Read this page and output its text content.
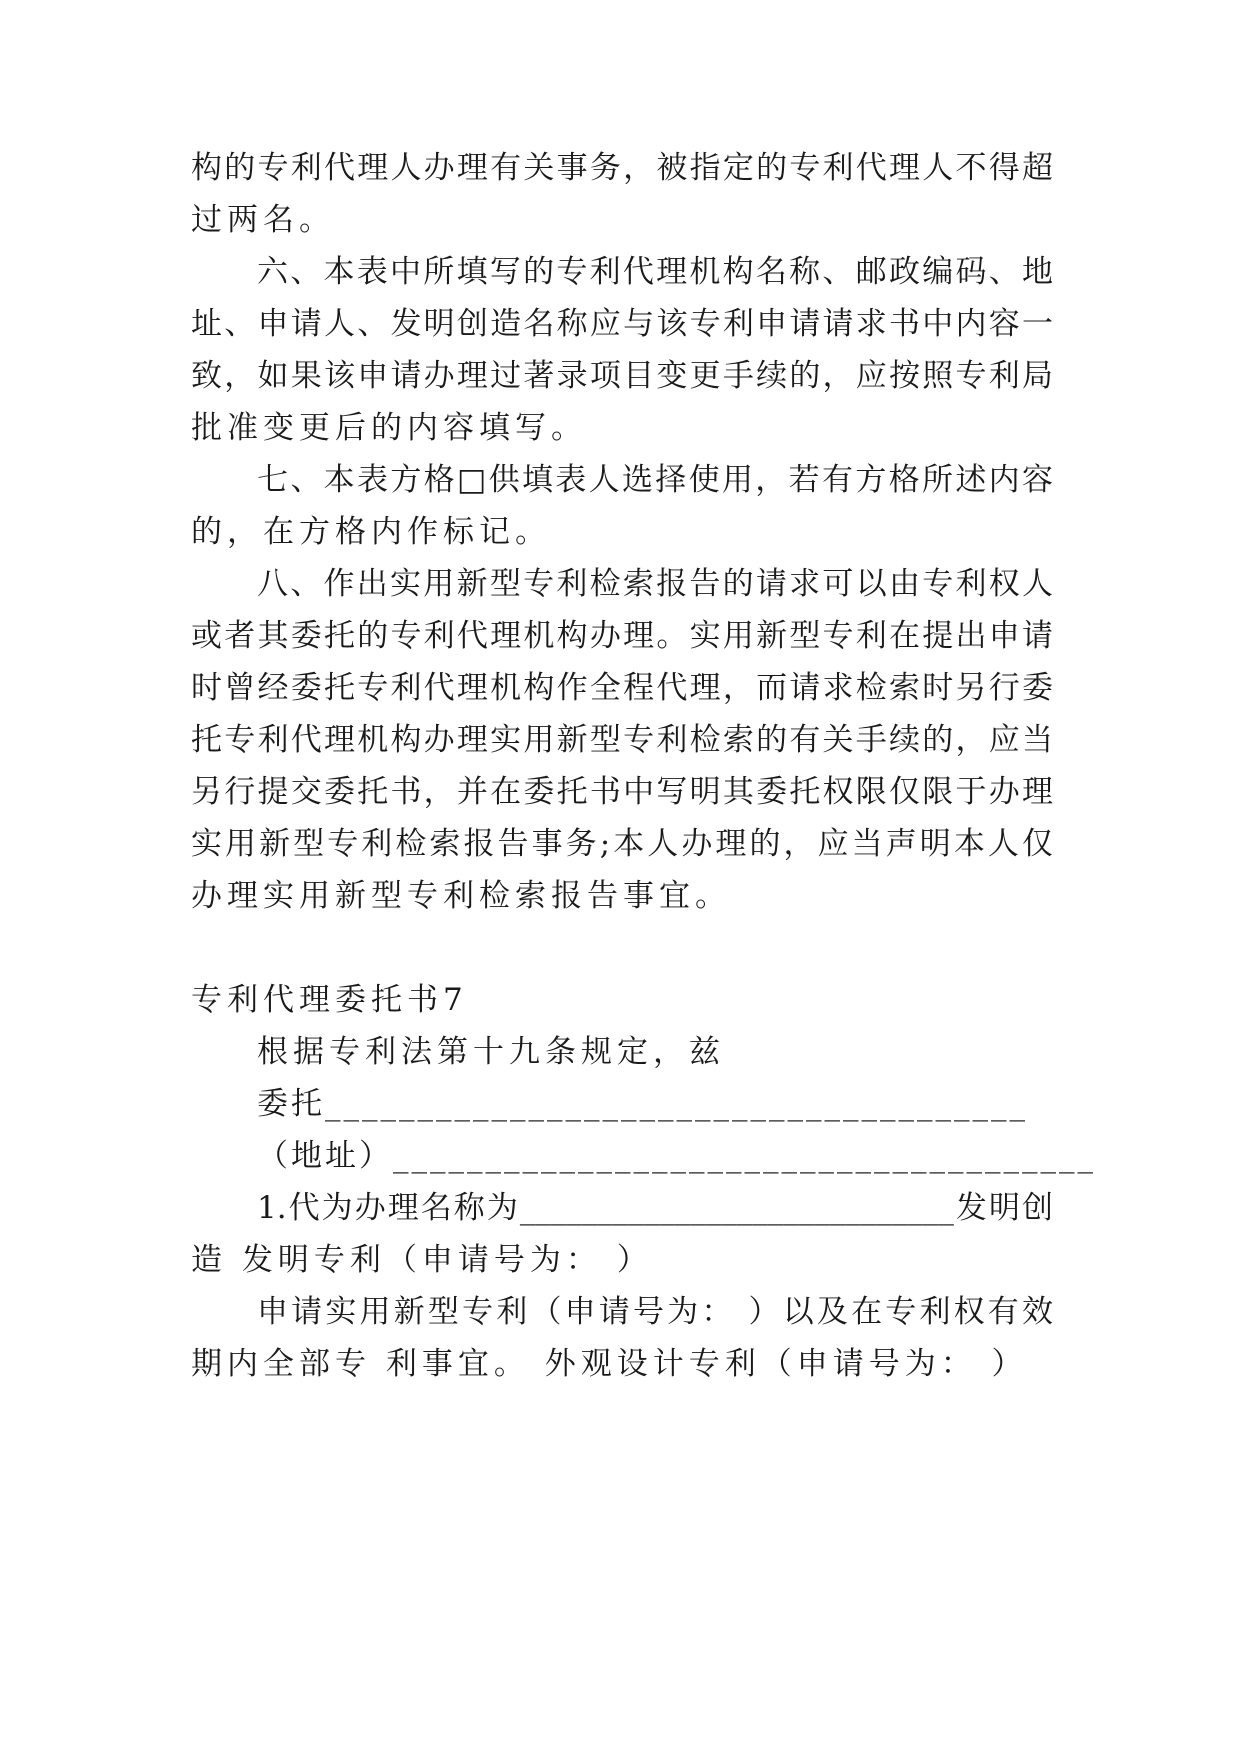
构的专利代理人办理有关事务，被指定的专利代理人不得超
过两名。
六、本表中所填写的专利代理机构名称、邮政编码、地
址、申请人、发明创造名称应与该专利申请请求书中内容一
致，如果该申请办理过著录项目变更手续的，应按照专利局
批准变更后的内容填写。
七、本表方格□供填表人选择使用，若有方格所述内容
的，在方格内作标记。
八、作出实用新型专利检索报告的请求可以由专利权人
或者其委托的专利代理机构办理。实用新型专利在提出申请
时曾经委托专利代理机构作全程代理，而请求检索时另行委
托专利代理机构办理实用新型专利检索的有关手续的，应当
另行提交委托书，并在委托书中写明其委托权限仅限于办理
实用新型专利检索报告事务;本人办理的，应当声明本人仅
办理实用新型专利检索报告事宜。
专利代理委托书7
根据专利法第十九条规定，兹
委托______________________________________
（地址）______________________________________
1.代为办理名称为____________________________发明创
造 发明专利（申请号为： ）
申请实用新型专利（申请号为： ）以及在专利权有效
期内全部专 利事宜。 外观设计专利（申请号为： ）
